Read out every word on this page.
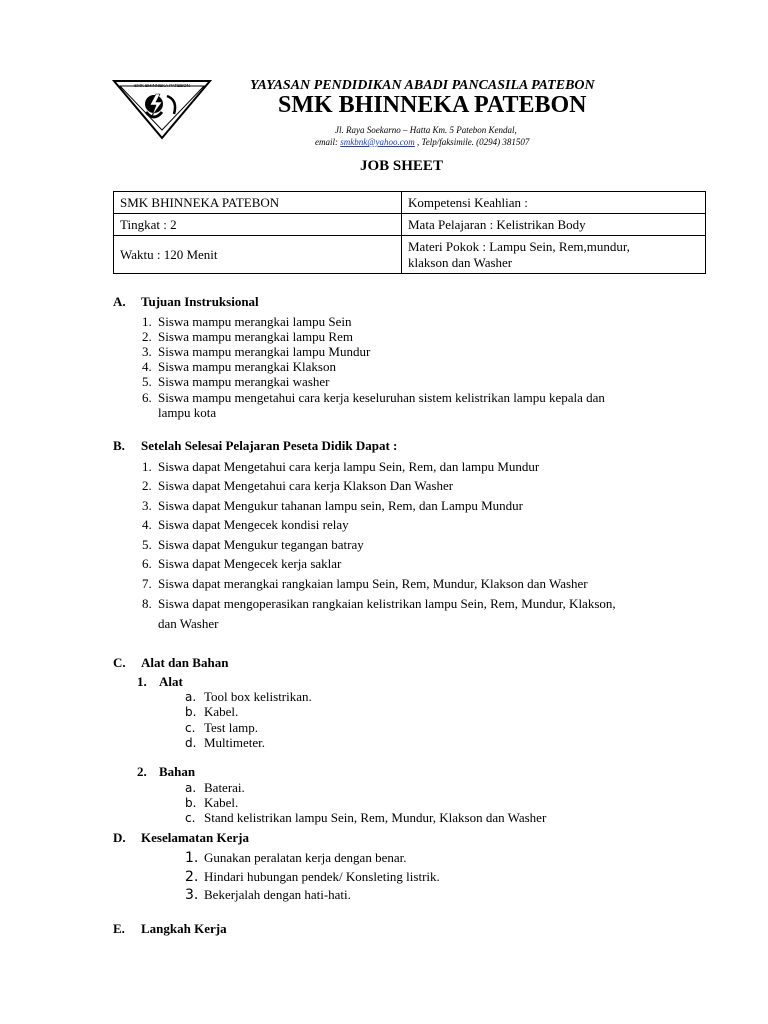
SMK BHINNEKA PATEBON	YAYASAN PENDIDIKAN ABADI PANCASILA PATEBON
SMK BHINNEKA PATEBON
Jl. Raya Soekarno – Hatta Km. 5 Patebon Kendal,
email: smkbnk@yahoo.com , Telp/faksimile. (0294) 381507
JOB SHEET
SMK BHINNEKA PATEBON	Kompetensi Keahlian :
Tingkat : 2	Mata Pelajaran : Kelistrikan Body
Waktu : 120 Menit	Materi Pokok : Lampu Sein, Rem,mundur,
klakson dan Washer
A. Tujuan Instruksional
1. Siswa mampu merangkai lampu Sein
2. Siswa mampu merangkai lampu Rem
3. Siswa mampu merangkai lampu Mundur
4. Siswa mampu merangkai Klakson
5. Siswa mampu merangkai washer
6. Siswa mampu mengetahui cara kerja keseluruhan sistem kelistrikan lampu kepala dan
lampu kota
B. Setelah Selesai Pelajaran Peseta Didik Dapat :
1. Siswa dapat Mengetahui cara kerja lampu Sein, Rem, dan lampu Mundur
2. Siswa dapat Mengetahui cara kerja Klakson Dan Washer
3. Siswa dapat Mengukur tahanan lampu sein, Rem, dan Lampu Mundur
4. Siswa dapat Mengecek kondisi relay
5. Siswa dapat Mengukur tegangan batray
6. Siswa dapat Mengecek kerja saklar
7. Siswa dapat merangkai rangkaian lampu Sein, Rem, Mundur, Klakson dan Washer
8. Siswa dapat mengoperasikan rangkaian kelistrikan lampu Sein, Rem, Mundur, Klakson,
dan Washer
C. Alat dan Bahan
1. Alat
a. Tool box kelistrikan.
b. Kabel.
c. Test lamp.
d. Multimeter.
2. Bahan
a. Baterai.
b. Kabel.
c. Stand kelistrikan lampu Sein, Rem, Mundur, Klakson dan Washer
D. Keselamatan Kerja
1. Gunakan peralatan kerja dengan benar.
2. Hindari hubungan pendek/ Konsleting listrik.
3. Bekerjalah dengan hati-hati.
E. Langkah Kerja
